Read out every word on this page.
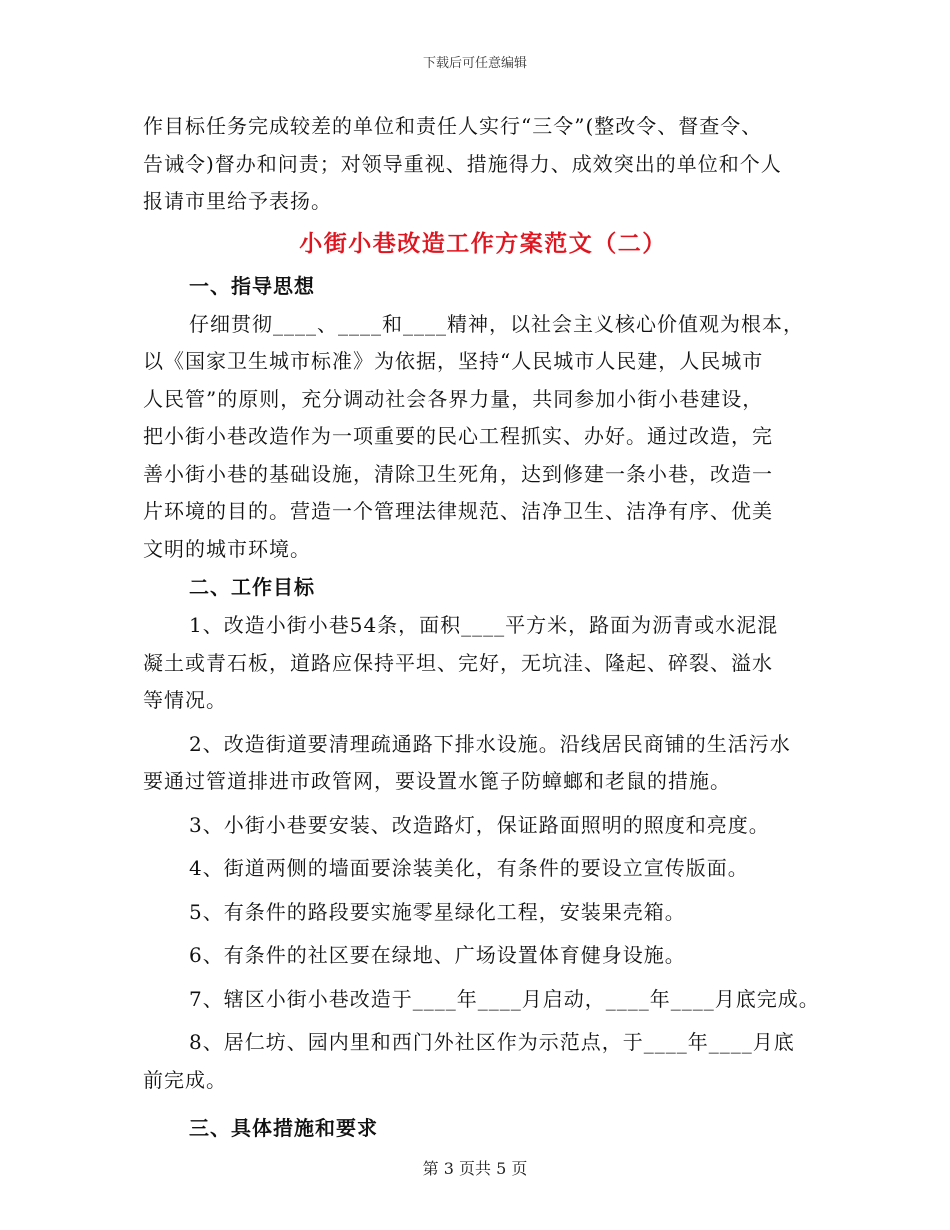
下载后可任意编辑
作目标任务完成较差的单位和责任人实行“三令”(整改令、督查令、
告诫令)督办和问责；对领导重视、措施得力、成效突出的单位和个人
报请市里给予表扬。
小街小巷改造工作方案范文（二）
一、指导思想
仔细贯彻____、____和____精神，以社会主义核心价值观为根本，
以《国家卫生城市标准》为依据，坚持“人民城市人民建，人民城市
人民管”的原则，充分调动社会各界力量，共同参加小街小巷建设，
把小街小巷改造作为一项重要的民心工程抓实、办好。通过改造，完
善小街小巷的基础设施，清除卫生死角，达到修建一条小巷，改造一
片环境的目的。营造一个管理法律规范、洁净卫生、洁净有序、优美
文明的城市环境。
二、工作目标
1、改造小街小巷54条，面积____平方米，路面为沥青或水泥混
凝土或青石板，道路应保持平坦、完好，无坑洼、隆起、碎裂、溢水
等情况。
2、改造街道要清理疏通路下排水设施。沿线居民商铺的生活污水
要通过管道排进市政管网，要设置水篦子防蟑螂和老鼠的措施。
3、小街小巷要安装、改造路灯，保证路面照明的照度和亮度。
4、街道两侧的墙面要涂装美化，有条件的要设立宣传版面。
5、有条件的路段要实施零星绿化工程，安装果壳箱。
6、有条件的社区要在绿地、广场设置体育健身设施。
7、辖区小街小巷改造于____年____月启动，____年____月底完成。
8、居仁坊、园内里和西门外社区作为示范点，于____年____月底
前完成。
三、具体措施和要求
第 3 页共 5 页
